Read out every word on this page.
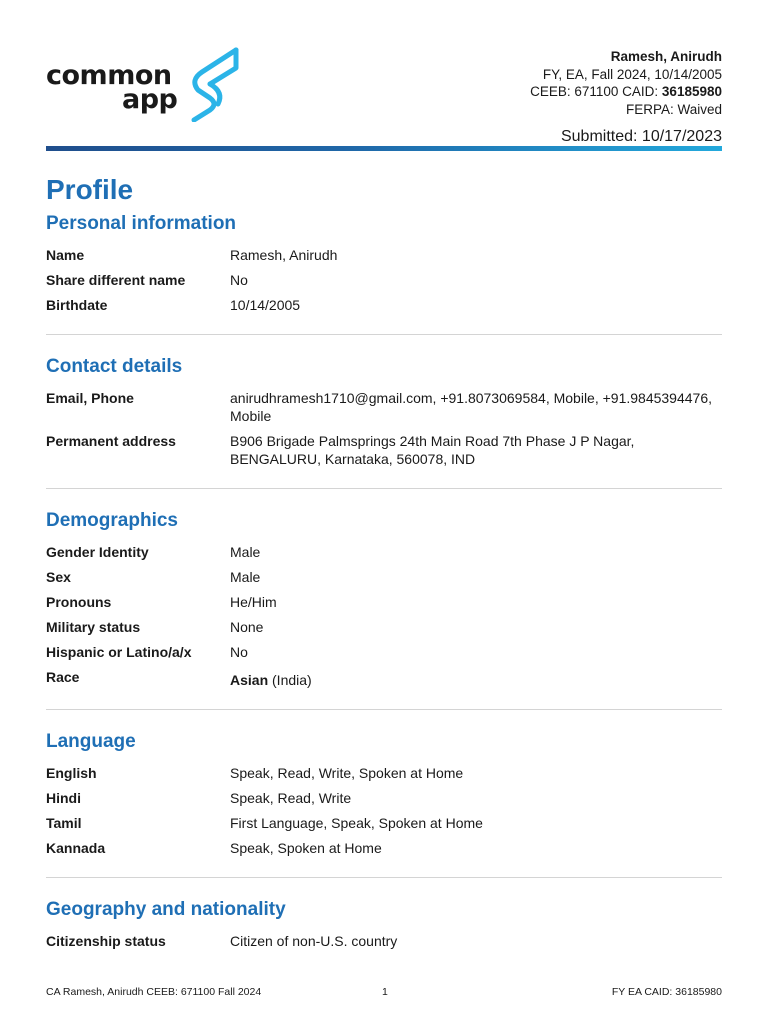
common
app
Ramesh, Anirudh
FY, EA, Fall 2024, 10/14/2005
CEEB: 671100 CAID: 36185980
FERPA: Waived
Submitted: 10/17/2023
Profile
Personal information
Name	Ramesh, Anirudh
Share different name	No
Birthdate	10/14/2005
Contact details
Email, Phone	anirudhramesh1710@gmail.com, +91.8073069584, Mobile, +91.9845394476, Mobile
Permanent address	B906 Brigade Palmsprings 24th Main Road 7th Phase J P Nagar, BENGALURU, Karnataka, 560078, IND
Demographics
Gender Identity	Male
Sex	Male
Pronouns	He/Him
Military status	None
Hispanic or Latino/a/x	No
Race	Asian (India)
Language
English	Speak, Read, Write, Spoken at Home
Hindi	Speak, Read, Write
Tamil	First Language, Speak, Spoken at Home
Kannada	Speak, Spoken at Home
Geography and nationality
Citizenship status	Citizen of non-U.S. country
CA Ramesh, Anirudh CEEB: 671100 Fall 2024	1	FY EA CAID: 36185980
